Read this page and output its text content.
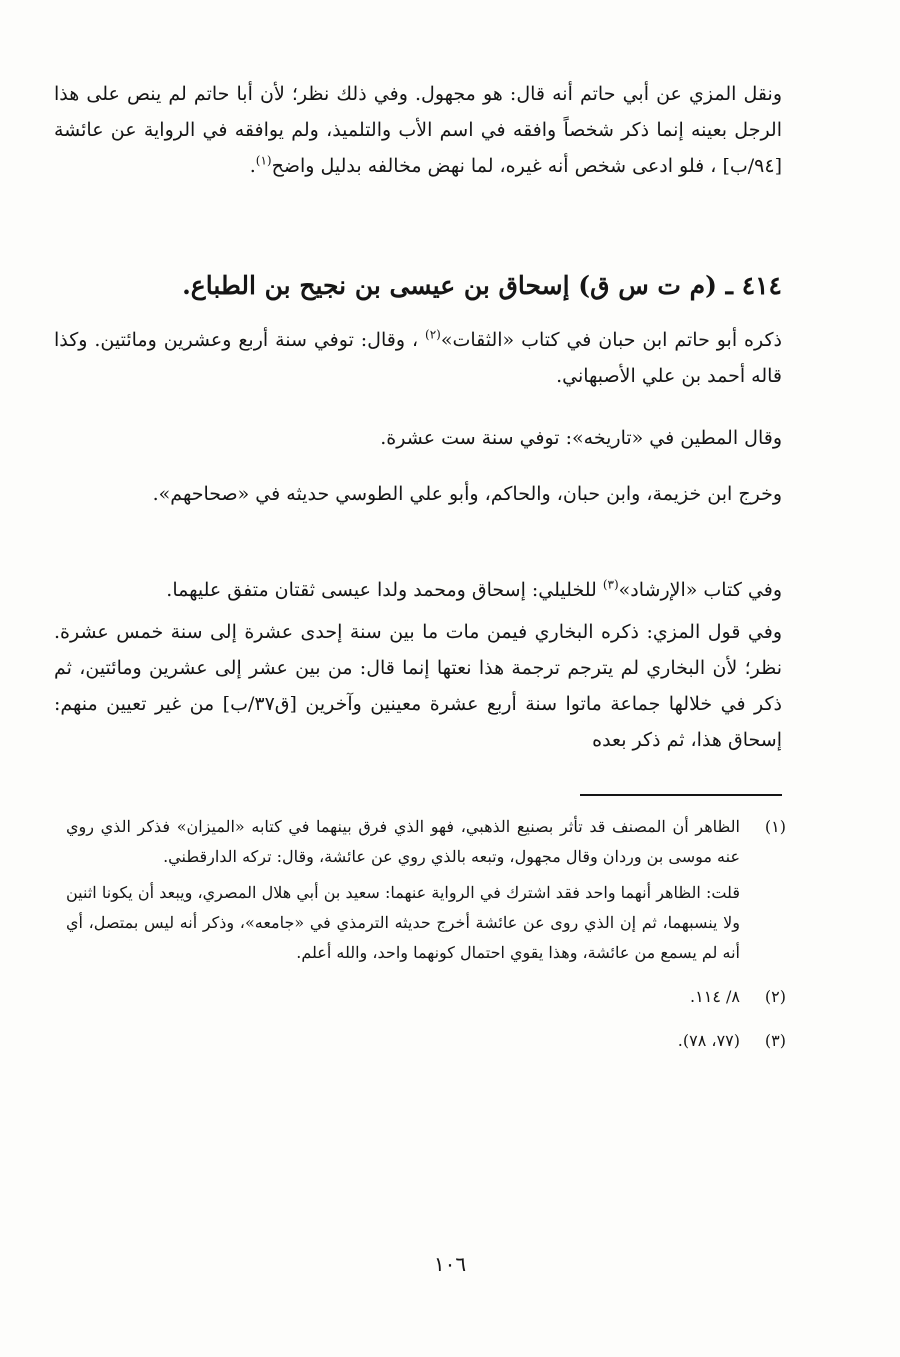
ونقل المزي عن أبي حاتم أنه قال: هو مجهول. وفي ذلك نظر؛ لأن أبا حاتم لم ينص على هذا الرجل بعينه إنما ذكر شخصاً وافقه في اسم الأب والتلميذ، ولم يوافقه في الرواية عن عائشة [٩٤/ب] ، فلو ادعى شخص أنه غيره، لما نهض مخالفه بدليل واضح$^{(١)}$.

٤١٤ ـ (م ت س ق) إسحاق بن عيسى بن نجيح بن الطباع.

ذكره أبو حاتم ابن حبان في كتاب «الثقات»$^{(٢)}$ ، وقال: توفي سنة أربع وعشرين ومائتين. وكذا قاله أحمد بن علي الأصبهاني.

وقال المطين في «تاريخه»: توفي سنة ست عشرة.

وخرج ابن خزيمة، وابن حبان، والحاكم، وأبو علي الطوسي حديثه في «صحاحهم».

وفي كتاب «الإرشاد»$^{(٣)}$ للخليلي: إسحاق ومحمد ولدا عيسى ثقتان متفق عليهما.

وفي قول المزي: ذكره البخاري فيمن مات ما بين سنة إحدى عشرة إلى سنة خمس عشرة. نظر؛ لأن البخاري لم يترجم ترجمة هذا نعتها إنما قال: من بين عشر إلى عشرين ومائتين، ثم ذكر في خلالها جماعة ماتوا سنة أربع عشرة معينين وآخرين [ق٣٧/ب] من غير تعيين منهم: إسحاق هذا، ثم ذكر بعده

(١)

الظاهر أن المصنف قد تأثر بصنيع الذهبي، فهو الذي فرق بينهما في كتابه «الميزان» فذكر الذي روي عنه موسى بن وردان وقال مجهول، وتبعه بالذي روي عن عائشة، وقال: تركه الدارقطني.

قلت: الظاهر أنهما واحد فقد اشترك في الرواية عنهما: سعيد بن أبي هلال المصري، ويبعد أن يكونا اثنين ولا ينسبهما، ثم إن الذي روى عن عائشة أخرج حديثه الترمذي في «جامعه»، وذكر أنه ليس بمتصل، أي أنه لم يسمع من عائشة، وهذا يقوي احتمال كونهما واحد، والله أعلم.

(٢)

٨/ ١١٤.

(٣)

(٧٧، ٧٨).

١٠٦
